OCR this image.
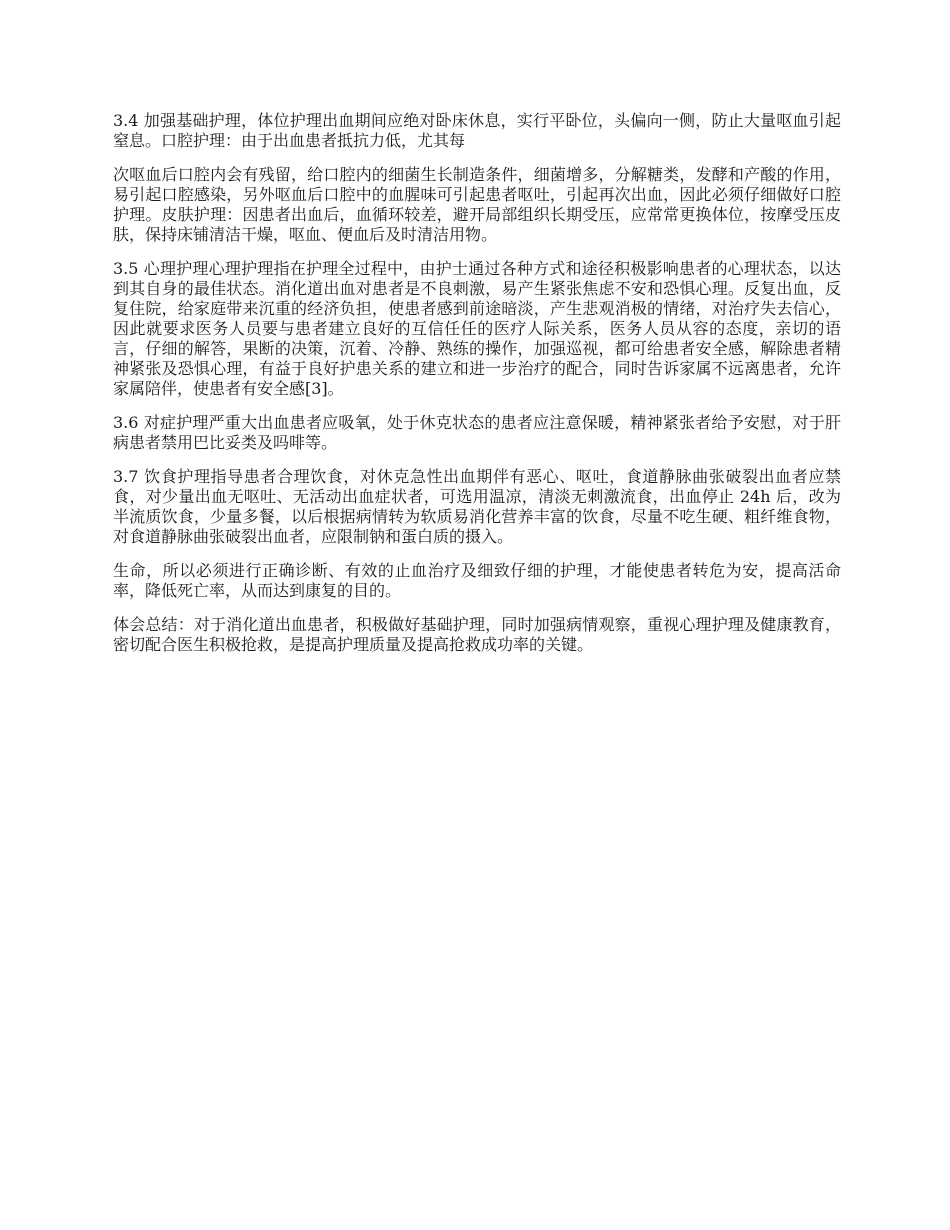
3.4 加强基础护理，体位护理出血期间应绝对卧床休息，实行平卧位，头偏向一侧，防止大量呕血引起窒息。口腔护理：由于出血患者抵抗力低，尤其每

次呕血后口腔内会有残留，给口腔内的细菌生长制造条件，细菌增多，分解糖类，发酵和产酸的作用，易引起口腔感染，另外呕血后口腔中的血腥味可引起患者呕吐，引起再次出血，因此必须仔细做好口腔护理。皮肤护理：因患者出血后，血循环较差，避开局部组织长期受压，应常常更换体位，按摩受压皮肤，保持床铺清洁干燥，呕血、便血后及时清洁用物。

3.5 心理护理心理护理指在护理全过程中，由护士通过各种方式和途径积极影响患者的心理状态，以达到其自身的最佳状态。消化道出血对患者是不良刺激，易产生紧张焦虑不安和恐惧心理。反复出血，反复住院，给家庭带来沉重的经济负担，使患者感到前途暗淡，产生悲观消极的情绪，对治疗失去信心，因此就要求医务人员要与患者建立良好的互信任任的医疗人际关系，医务人员从容的态度，亲切的语言，仔细的解答，果断的决策，沉着、冷静、熟练的操作，加强巡视，都可给患者安全感，解除患者精神紧张及恐惧心理，有益于良好护患关系的建立和进一步治疗的配合，同时告诉家属不远离患者，允许家属陪伴，使患者有安全感[3]。

3.6 对症护理严重大出血患者应吸氧，处于休克状态的患者应注意保暖，精神紧张者给予安慰，对于肝病患者禁用巴比妥类及吗啡等。

3.7 饮食护理指导患者合理饮食，对休克急性出血期伴有恶心、呕吐，食道静脉曲张破裂出血者应禁食，对少量出血无呕吐、无活动出血症状者，可选用温凉，清淡无刺激流食，出血停止 24h 后，改为半流质饮食，少量多餐，以后根据病情转为软质易消化营养丰富的饮食，尽量不吃生硬、粗纤维食物，对食道静脉曲张破裂出血者，应限制钠和蛋白质的摄入。

生命，所以必须进行正确诊断、有效的止血治疗及细致仔细的护理，才能使患者转危为安，提高活命率，降低死亡率，从而达到康复的目的。

体会总结：对于消化道出血患者，积极做好基础护理，同时加强病情观察，重视心理护理及健康教育，密切配合医生积极抢救，是提高护理质量及提高抢救成功率的关键。
